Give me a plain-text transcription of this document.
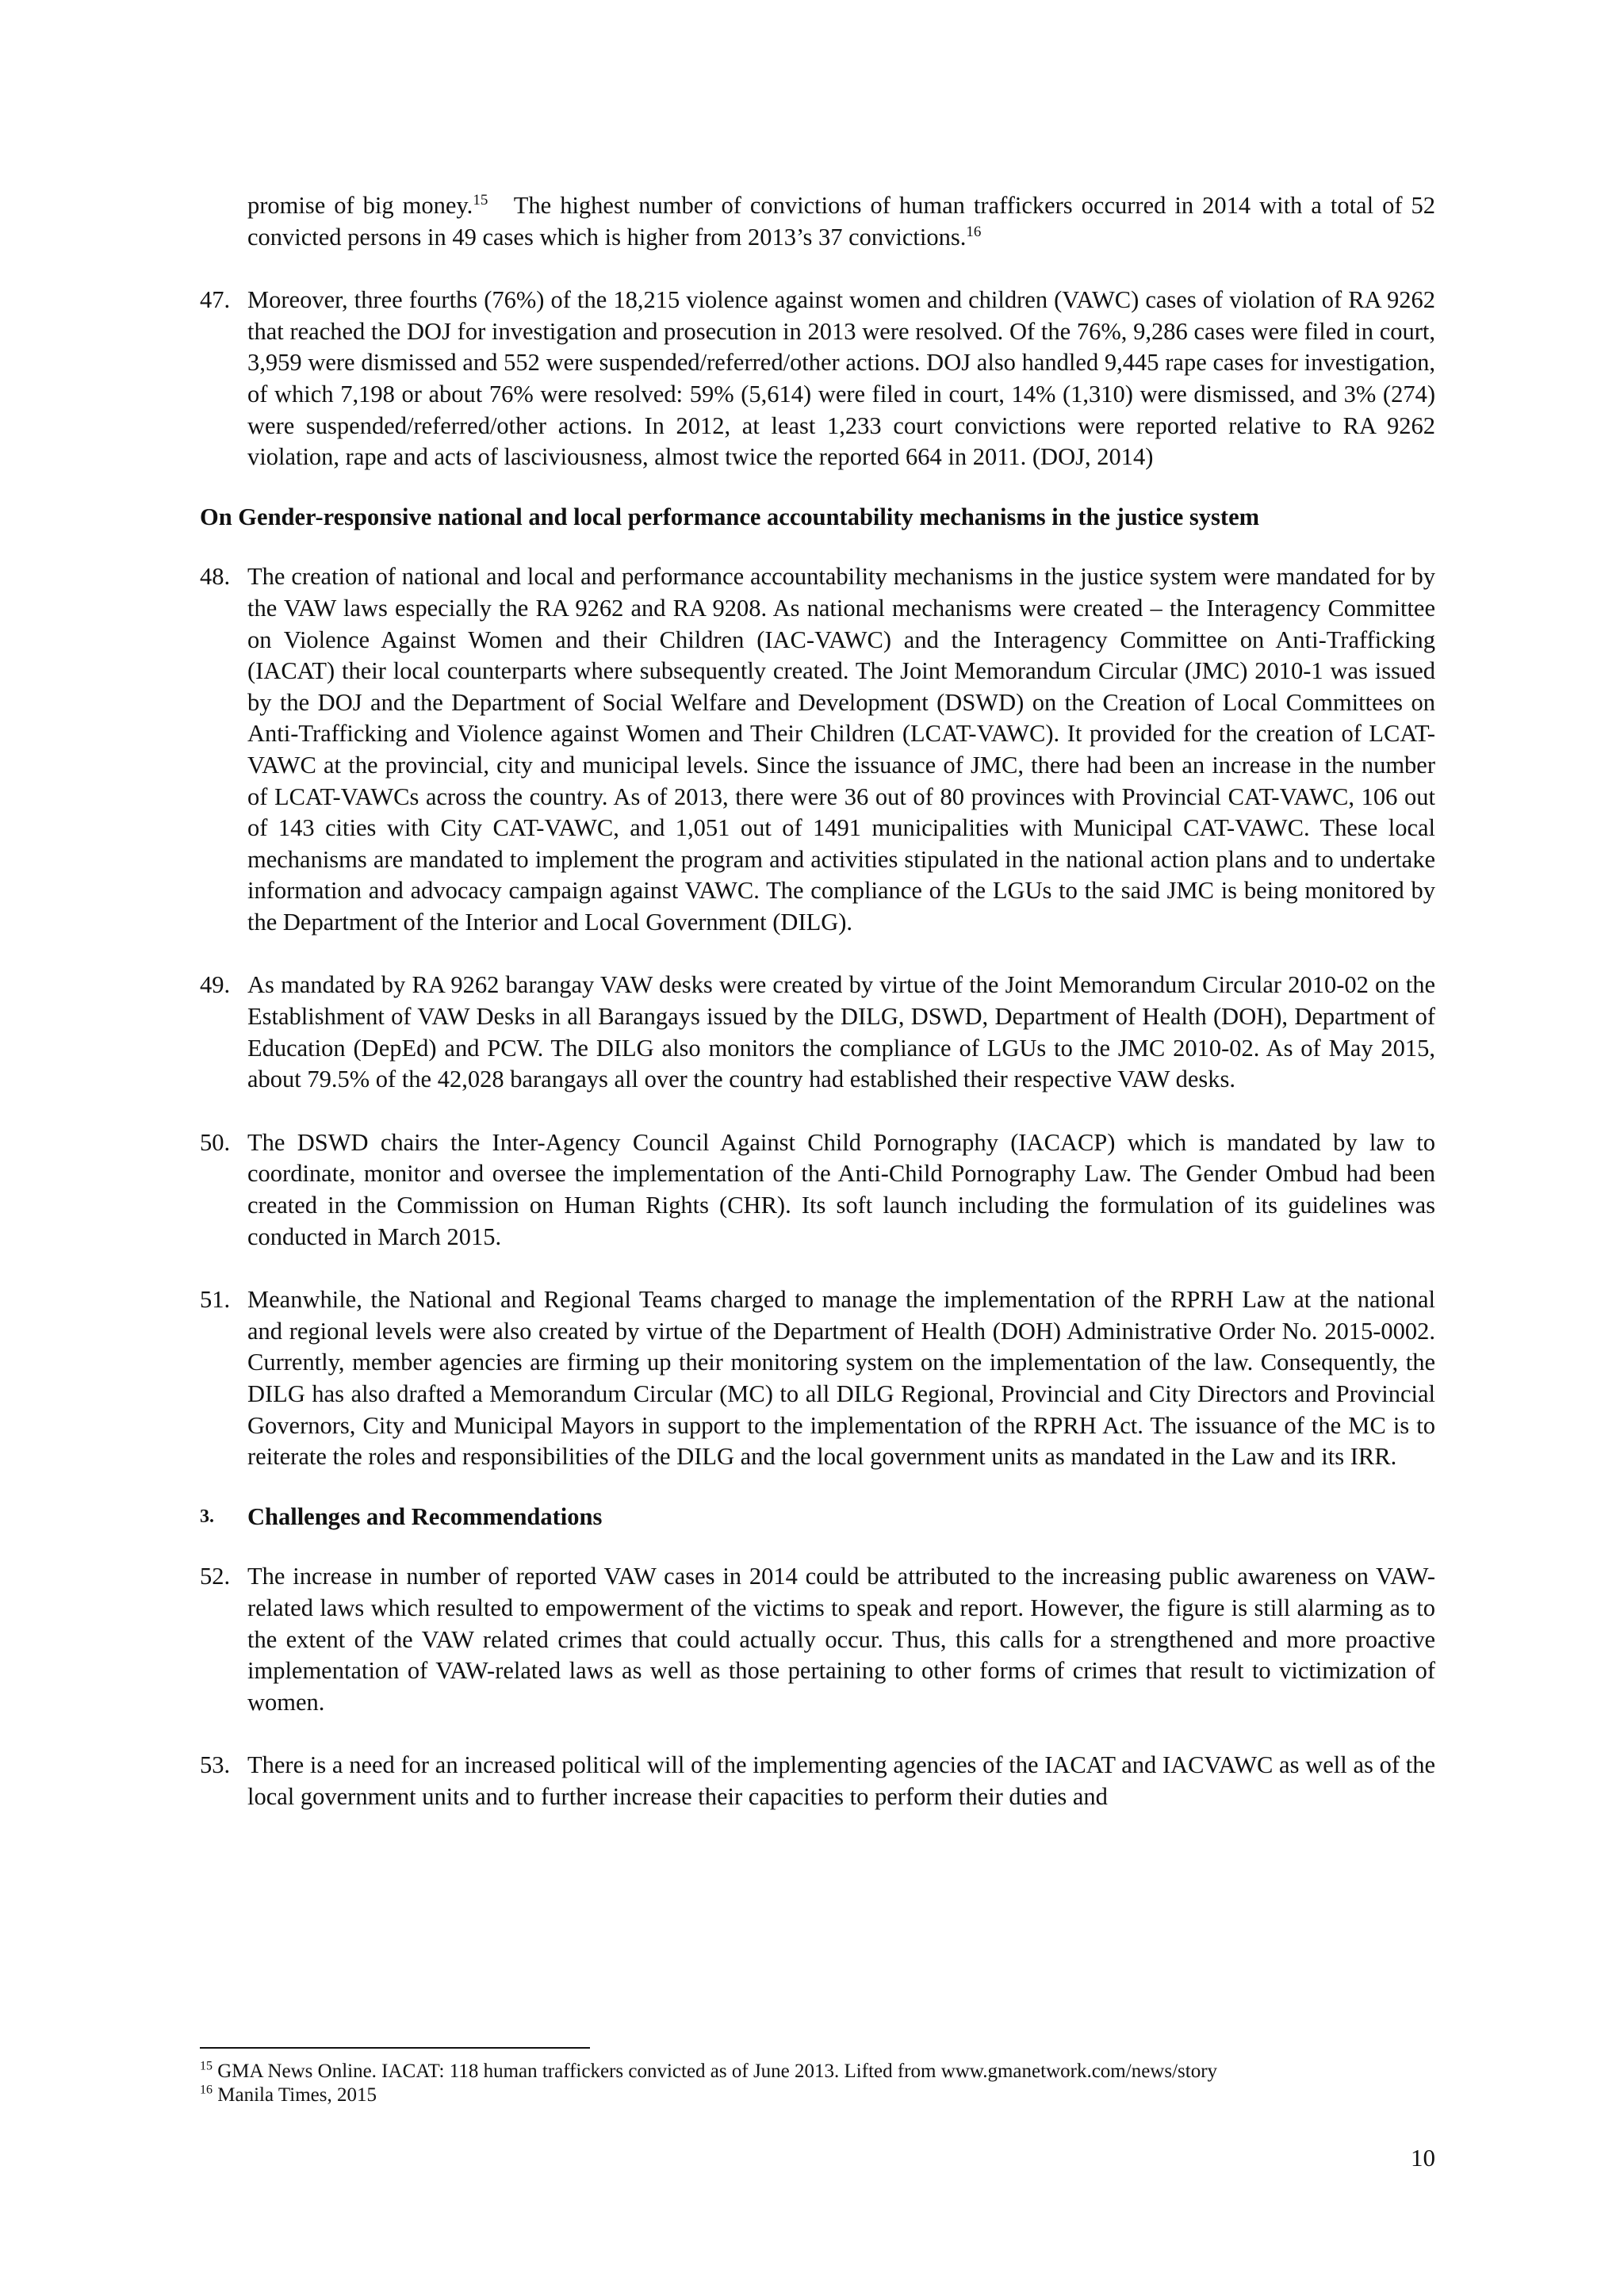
promise of big money.$^{15}$   The highest number of convictions of human traffickers occurred in 2014 with a total of 52 convicted persons in 49 cases which is higher from 2013’s 37 convictions.$^{16}$
47. Moreover, three fourths (76%) of the 18,215 violence against women and children (VAWC) cases of violation of RA 9262 that reached the DOJ for investigation and prosecution in 2013 were resolved. Of the 76%, 9,286 cases were filed in court, 3,959 were dismissed and 552 were suspended/referred/other actions. DOJ also handled 9,445 rape cases for investigation, of which 7,198 or about 76% were resolved: 59% (5,614) were filed in court, 14% (1,310) were dismissed, and 3% (274) were suspended/referred/other actions. In 2012, at least 1,233 court convictions were reported relative to RA 9262 violation, rape and acts of lasciviousness, almost twice the reported 664 in 2011. (DOJ, 2014)
On Gender-responsive national and local performance accountability mechanisms in the justice system
48. The creation of national and local and performance accountability mechanisms in the justice system were mandated for by the VAW laws especially the RA 9262 and RA 9208. As national mechanisms were created – the Interagency Committee on Violence Against Women and their Children (IAC-VAWC) and the Interagency Committee on Anti-Trafficking (IACAT) their local counterparts where subsequently created. The Joint Memorandum Circular (JMC) 2010-1 was issued by the DOJ and the Department of Social Welfare and Development (DSWD) on the Creation of Local Committees on Anti-Trafficking and Violence against Women and Their Children (LCAT-VAWC). It provided for the creation of LCAT-VAWC at the provincial, city and municipal levels. Since the issuance of JMC, there had been an increase in the number of LCAT-VAWCs across the country. As of 2013, there were 36 out of 80 provinces with Provincial CAT-VAWC, 106 out of 143 cities with City CAT-VAWC, and 1,051 out of 1491 municipalities with Municipal CAT-VAWC. These local mechanisms are mandated to implement the program and activities stipulated in the national action plans and to undertake information and advocacy campaign against VAWC. The compliance of the LGUs to the said JMC is being monitored by the Department of the Interior and Local Government (DILG).
49. As mandated by RA 9262 barangay VAW desks were created by virtue of the Joint Memorandum Circular 2010-02 on the Establishment of VAW Desks in all Barangays issued by the DILG, DSWD, Department of Health (DOH), Department of Education (DepEd) and PCW. The DILG also monitors the compliance of LGUs to the JMC 2010-02. As of May 2015, about 79.5% of the 42,028 barangays all over the country had established their respective VAW desks.
50. The DSWD chairs the Inter-Agency Council Against Child Pornography (IACACP) which is mandated by law to coordinate, monitor and oversee the implementation of the Anti-Child Pornography Law. The Gender Ombud had been created in the Commission on Human Rights (CHR). Its soft launch including the formulation of its guidelines was conducted in March 2015.
51. Meanwhile, the National and Regional Teams charged to manage the implementation of the RPRH Law at the national and regional levels were also created by virtue of the Department of Health (DOH) Administrative Order No. 2015-0002. Currently, member agencies are firming up their monitoring system on the implementation of the law. Consequently, the DILG has also drafted a Memorandum Circular (MC) to all DILG Regional, Provincial and City Directors and Provincial Governors, City and Municipal Mayors in support to the implementation of the RPRH Act. The issuance of the MC is to reiterate the roles and responsibilities of the DILG and the local government units as mandated in the Law and its IRR.
3.	Challenges and Recommendations
52. The increase in number of reported VAW cases in 2014 could be attributed to the increasing public awareness on VAW-related laws which resulted to empowerment of the victims to speak and report. However, the figure is still alarming as to the extent of the VAW related crimes that could actually occur. Thus, this calls for a strengthened and more proactive implementation of VAW-related laws as well as those pertaining to other forms of crimes that result to victimization of women.
53. There is a need for an increased political will of the implementing agencies of the IACAT and IACVAWC as well as of the local government units and to further increase their capacities to perform their duties and
$^{15}$ GMA News Online. IACAT: 118 human traffickers convicted as of June 2013. Lifted from www.gmanetwork.com/news/story
$^{16}$ Manila Times, 2015
10
